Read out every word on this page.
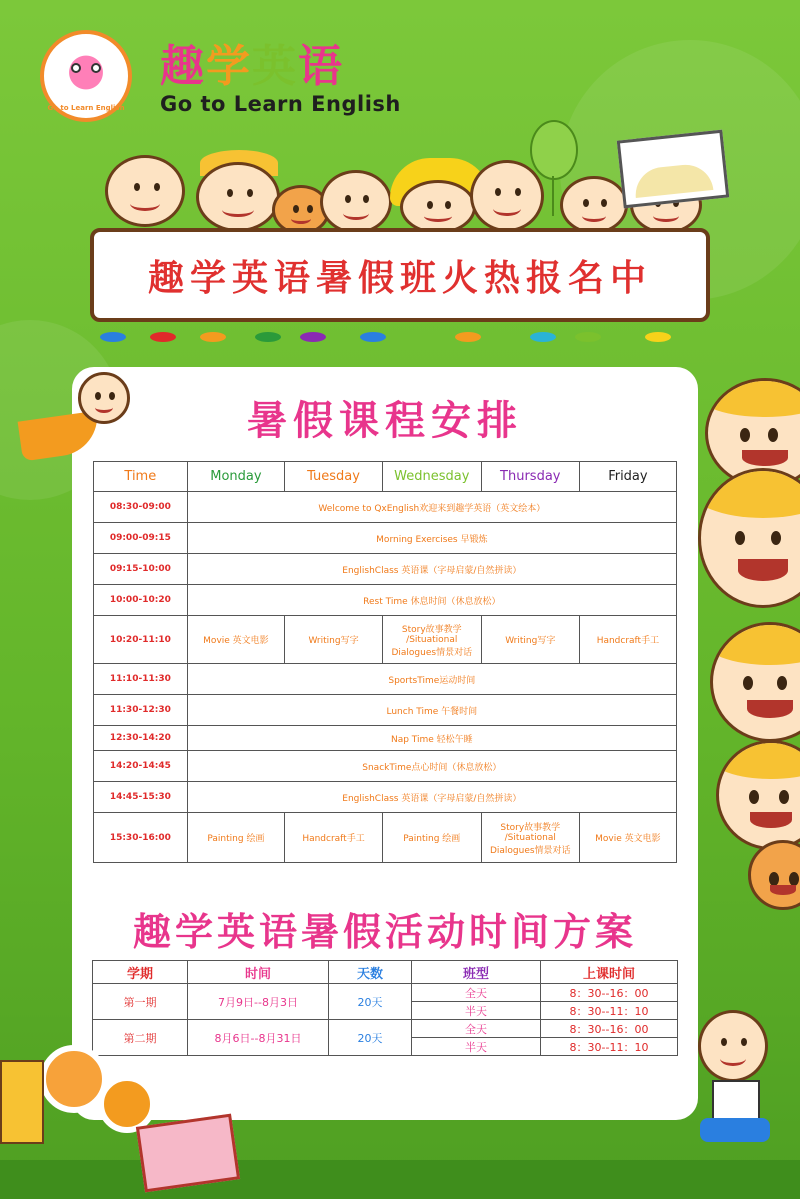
Go to Learn English
趣学英语
Go to Learn English
趣学英语暑假班火热报名中
暑假课程安排
Time	Monday	Tuesday	Wednesday	Thursday	Friday
08:30-09:00	Welcome to QxEnglish欢迎来到趣学英语（英文绘本）				
09:00-09:15	Morning Exercises 早锻炼				
09:15-10:00	EnglishClass 英语课（字母启蒙/自然拼读）				
10:00-10:20	Rest Time 休息时间（休息放松）				
10:20-11:10	Movie 英文电影	Writing写字	Story故事教学 /Situational Dialogues情景对话	Writing写字	Handcraft手工
11:10-11:30	SportsTime运动时间				
11:30-12:30	Lunch Time 午餐时间				
12:30-14:20	Nap Time 轻松午睡				
14:20-14:45	SnackTime点心时间（休息放松）				
14:45-15:30	EnglishClass 英语课（字母启蒙/自然拼读）				
15:30-16:00	Painting 绘画	Handcraft手工	Painting 绘画	Story故事教学 /Situational Dialogues情景对话	Movie 英文电影
趣学英语暑假活动时间方案
学期	时间	天数	班型	上课时间
第一期	7月9日--8月3日	20天	全天	8：30--16：00
			半天	8：30--11：10
第二期	8月6日--8月31日	20天	全天	8：30--16：00
			半天	8：30--11：10
